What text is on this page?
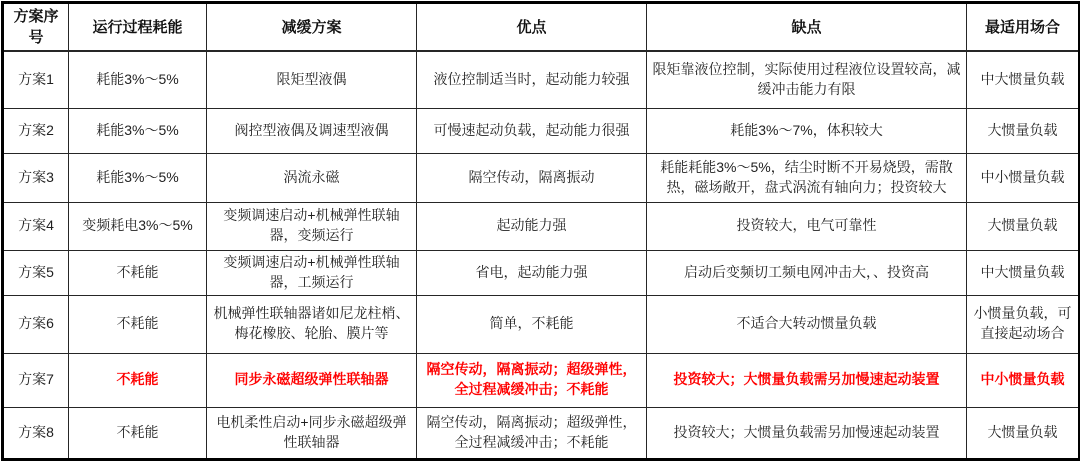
方案序号	运行过程耗能	减缓方案	优点	缺点	最适用场合
方案1	耗能3%～5%	限矩型液偶	液位控制适当时，起动能力较强	限矩靠液位控制，实际使用过程液位设置较高，减缓冲击能力有限	中大惯量负载
方案2	耗能3%～5%	阀控型液偶及调速型液偶	可慢速起动负载，起动能力很强	耗能3%～7%，体积较大	大惯量负载
方案3	耗能3%～5%	涡流永磁	隔空传动，隔离振动	耗能耗能3%～5%，结尘时断不开易烧毁，需散热，磁场敞开，盘式涡流有轴向力；投资较大	中小惯量负载
方案4	变频耗电3%～5%	变频调速启动+机械弹性联轴器，变频运行	起动能力强	投资较大，电气可靠性	大惯量负载
方案5	不耗能	变频调速启动+机械弹性联轴器，工频运行	省电，起动能力强	启动后变频切工频电网冲击大，、投资高	中大惯量负载
方案6	不耗能	机械弹性联轴器诸如尼龙柱梢、梅花橡胶、轮胎、膜片等	简单，不耗能	不适合大转动惯量负载	小惯量负载，可直接起动场合
方案7	不耗能	同步永磁超级弹性联轴器	隔空传动，隔离振动；超级弹性，全过程减缓冲击；不耗能	投资较大；大惯量负载需另加慢速起动装置	中小惯量负载
方案8	不耗能	电机柔性启动+同步永磁超级弹性联轴器	隔空传动，隔离振动；超级弹性，全过程减缓冲击；不耗能	投资较大；大惯量负载需另加慢速起动装置	大惯量负载
